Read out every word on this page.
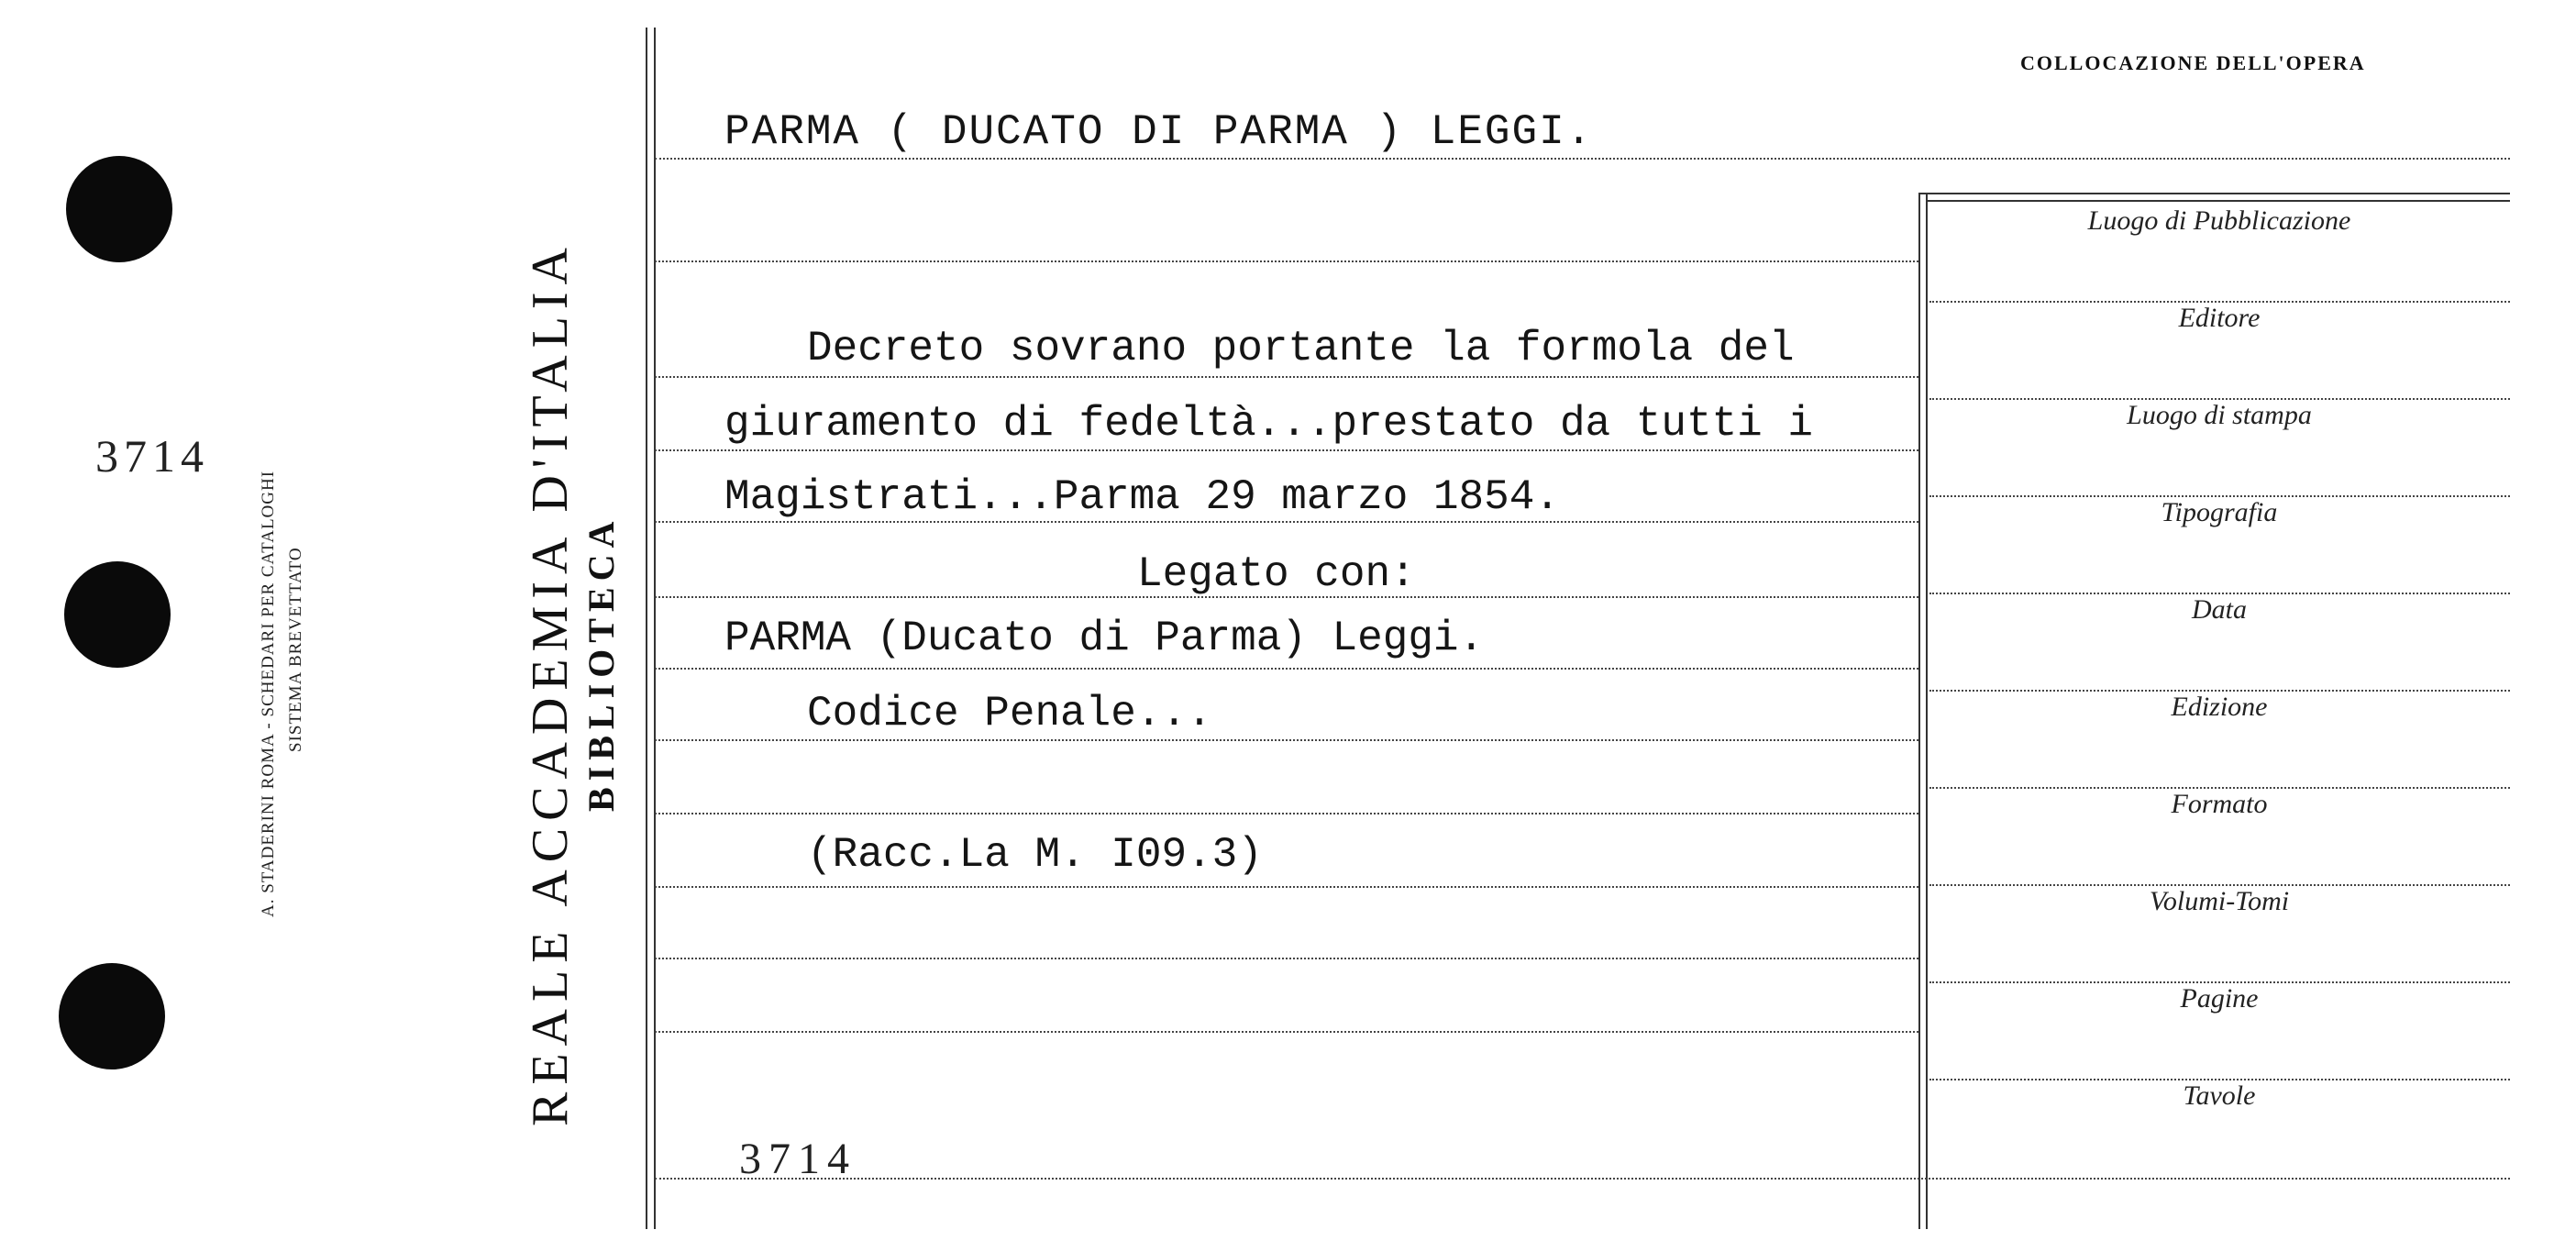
3714
A. STADERINI ROMA - SCHEDARI PER CATALOGHI SISTEMA BREVETTATO	REALE ACCADEMIA D'ITALIA BIBLIOTECA
COLLOCAZIONE DELL'OPERA
PARMA ( DUCATO DI PARMA ) LEGGI.
Decreto sovrano portante la formola del
giuramento di fedeltà...prestato da tutti i
Magistrati...Parma 29 marzo 1854.
Legato con:
PARMA (Ducato di Parma) Leggi.
Codice Penale...
(Racc.La M. I09.3)
3714
Luogo di Pubblicazione
Editore
Luogo di stampa
Tipografia
Data
Edizione
Formato
Volumi-Tomi
Pagine
Tavole
